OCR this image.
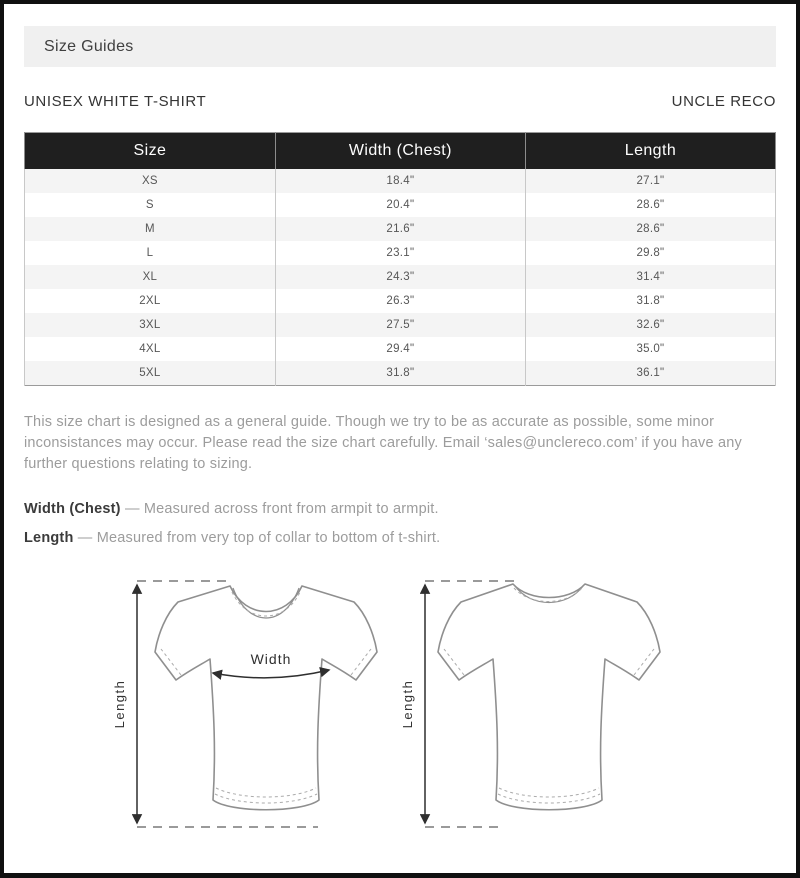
Size Guides
UNISEX WHITE T-SHIRT	UNCLE RECO
Size	Width (Chest)	Length
XS	18.4"	27.1"
S	20.4"	28.6"
M	21.6"	28.6"
L	23.1"	29.8"
XL	24.3"	31.4"
2XL	26.3"	31.8"
3XL	27.5"	32.6"
4XL	29.4"	35.0"
5XL	31.8"	36.1"

This size chart is designed as a general guide. Though we try to be as accurate as possible, some minor inconsistances may occur. Please read the size chart carefully. Email ‘sales@unclereco.com’ if you have any further questions relating to sizing.

Width (Chest) — Measured across front from armpit to armpit.

Length — Measured from very top of collar to bottom of t-shirt.

Length
Width
Length
